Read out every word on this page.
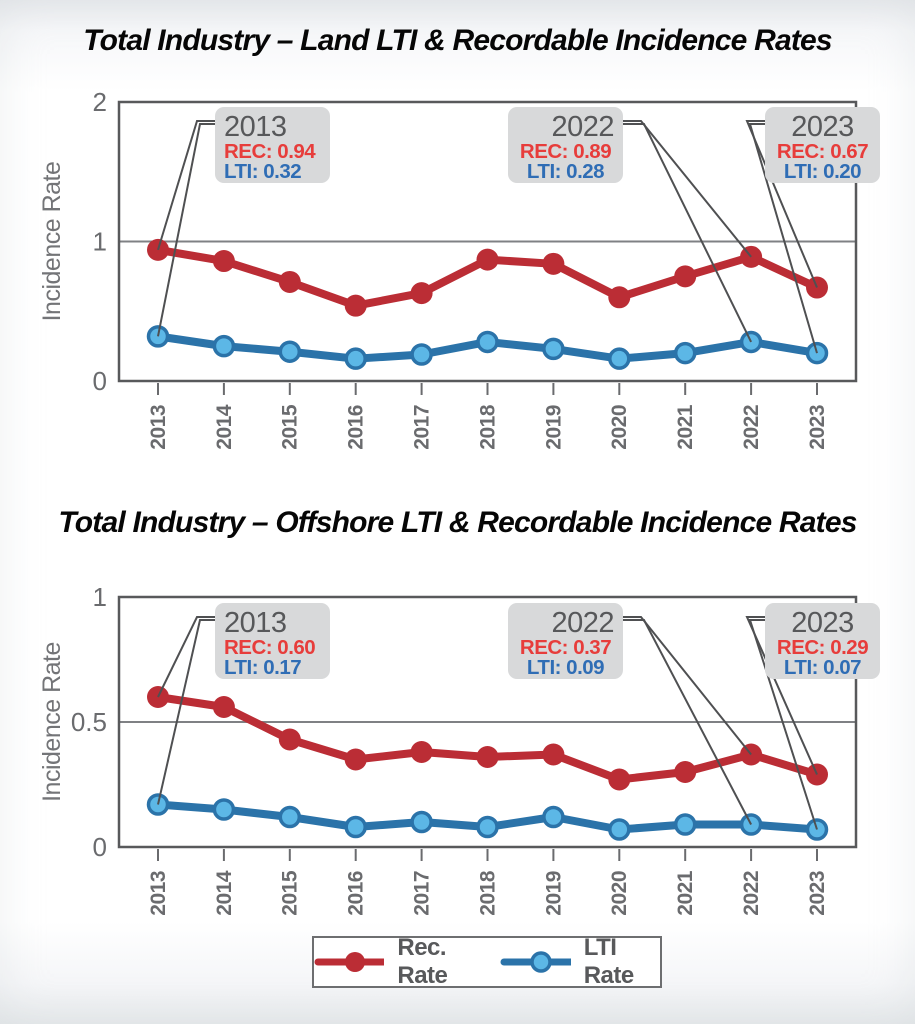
Total Industry – Land LTI & Recordable Incidence Rates
0
1
2
Incidence Rate
2013 2014 2015 2016 2017 2018 2019 2020 2021 2022 2023
2013
REC: 0.94
LTI: 0.32
2022
REC: 0.89
LTI: 0.28
2023
REC: 0.67
LTI: 0.20
Total Industry – Offshore LTI & Recordable Incidence Rates
0
0.5
1
Incidence Rate
2013 2014 2015 2016 2017 2018 2019 2020 2021 2022 2023
2013
REC: 0.60
LTI: 0.17
2022
REC: 0.37
LTI: 0.09
2023
REC: 0.29
LTI: 0.07
Rec. Rate
LTI Rate
